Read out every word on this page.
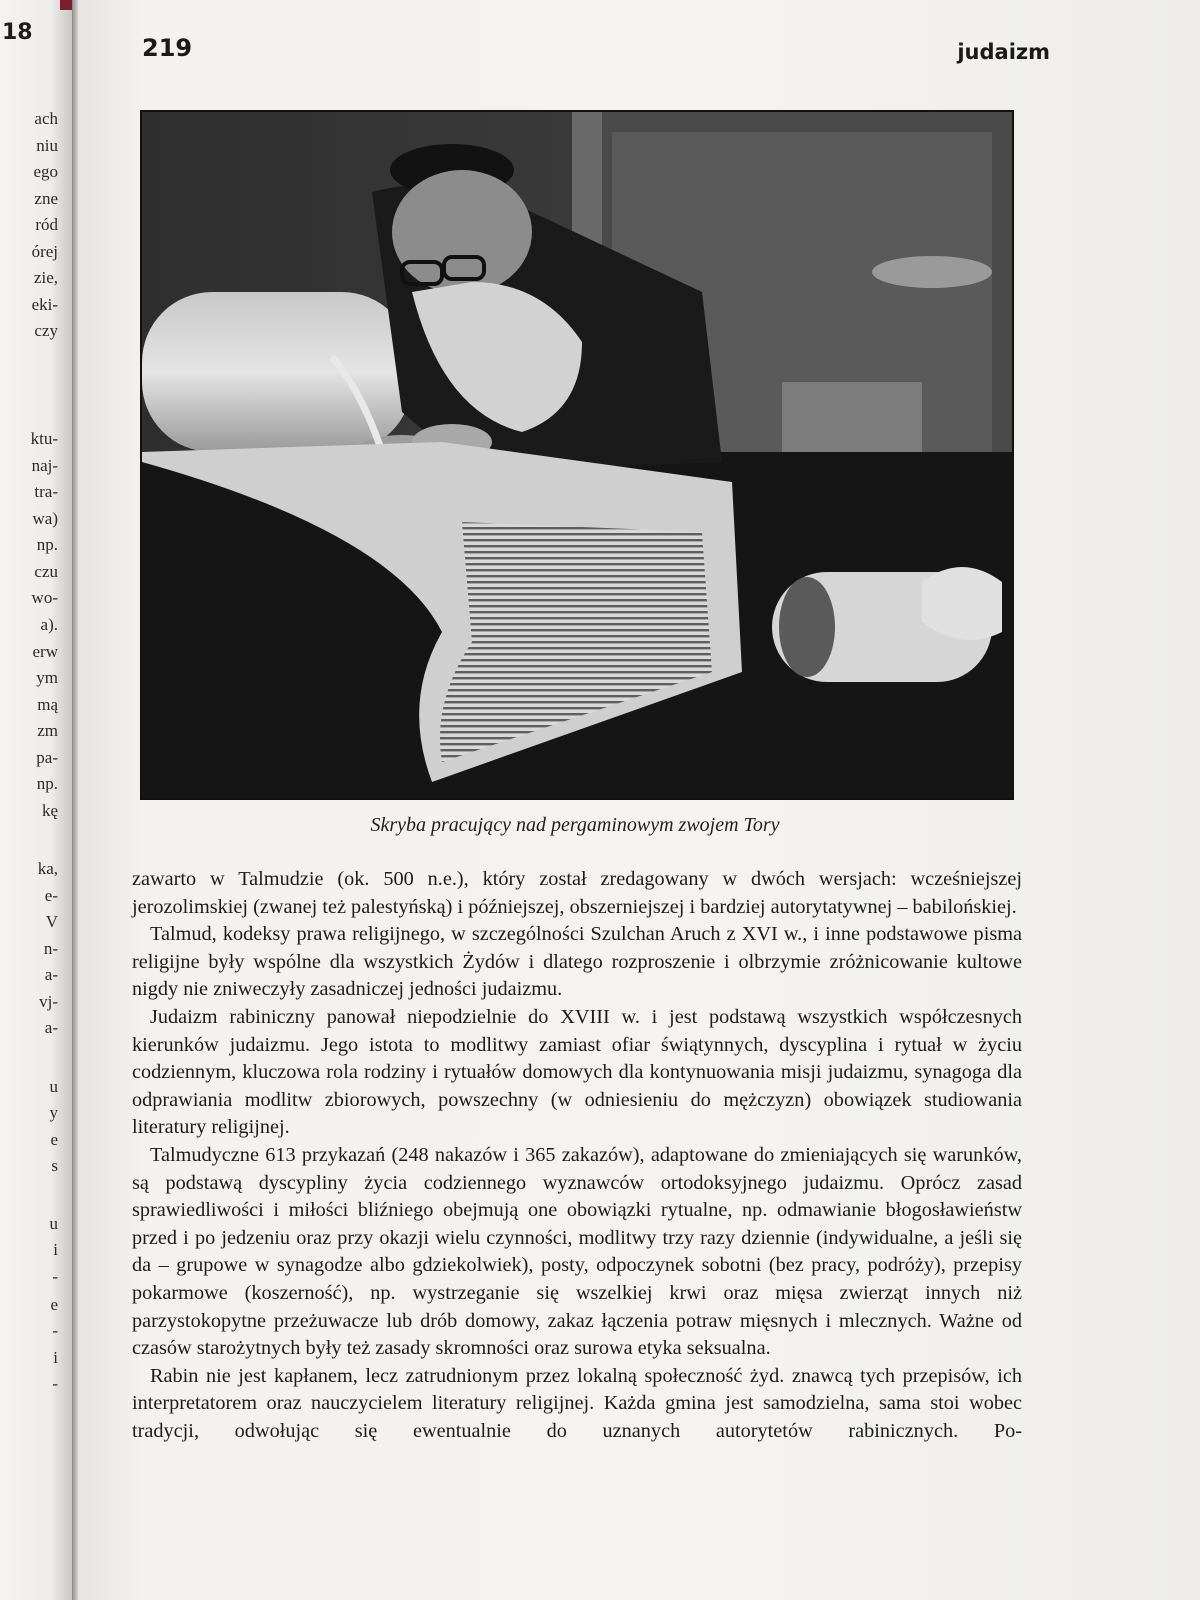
18
ach
niu
ego
zne
ród
órej
zie,
eki-
czy
ktu-
naj-
tra-
wa)
np.
czu
wo-
a).
erw
ym
mą
zm
pa-
np.
kę
ka,
e-
V
n-
a-
vj-
a-
u
y
e
s
u
i
-
e
-
i
-
219	judaizm
Skryba pracujący nad pergaminowym zwojem Tory

zawarto w Talmudzie (ok. 500 n.e.), który został zredagowany w dwóch wersjach: wcześniejszej jerozolimskiej (zwanej też palestyńską) i późniejszej, obszerniejszej i bardziej autorytatywnej – babilońskiej.

Talmud, kodeksy prawa religijnego, w szczególności Szulchan Aruch z XVI w., i inne podstawowe pisma religijne były wspólne dla wszystkich Żydów i dlatego rozproszenie i olbrzymie zróżnicowanie kultowe nigdy nie zniweczyły zasadniczej jedności judaizmu.

Judaizm rabiniczny panował niepodzielnie do XVIII w. i jest podstawą wszystkich współczesnych kierunków judaizmu. Jego istota to modlitwy zamiast ofiar świątynnych, dyscyplina i rytuał w życiu codziennym, kluczowa rola rodziny i rytuałów domowych dla kontynuowania misji judaizmu, synagoga dla odprawiania modlitw zbiorowych, powszechny (w odniesieniu do mężczyzn) obowiązek studiowania literatury religijnej.

Talmudyczne 613 przykazań (248 nakazów i 365 zakazów), adaptowane do zmieniających się warunków, są podstawą dyscypliny życia codziennego wyznawców ortodoksyjnego judaizmu. Oprócz zasad sprawiedliwości i miłości bliźniego obejmują one obowiązki rytualne, np. odmawianie błogosławieństw przed i po jedzeniu oraz przy okazji wielu czynności, modlitwy trzy razy dziennie (indywidualne, a jeśli się da – grupowe w synagodze albo gdziekolwiek), posty, odpoczynek sobotni (bez pracy, podróży), przepisy pokarmowe (koszerność), np. wystrzeganie się wszelkiej krwi oraz mięsa zwierząt innych niż parzystokopytne przeżuwacze lub drób domowy, zakaz łączenia potraw mięsnych i mlecznych. Ważne od czasów starożytnych były też zasady skromności oraz surowa etyka seksualna.

Rabin nie jest kapłanem, lecz zatrudnionym przez lokalną społeczność żyd. znawcą tych przepisów, ich interpretatorem oraz nauczycielem literatury religijnej. Każda gmina jest samodzielna, sama stoi wobec tradycji, odwołując się ewentualnie do uznanych autorytetów rabinicznych. Po-
